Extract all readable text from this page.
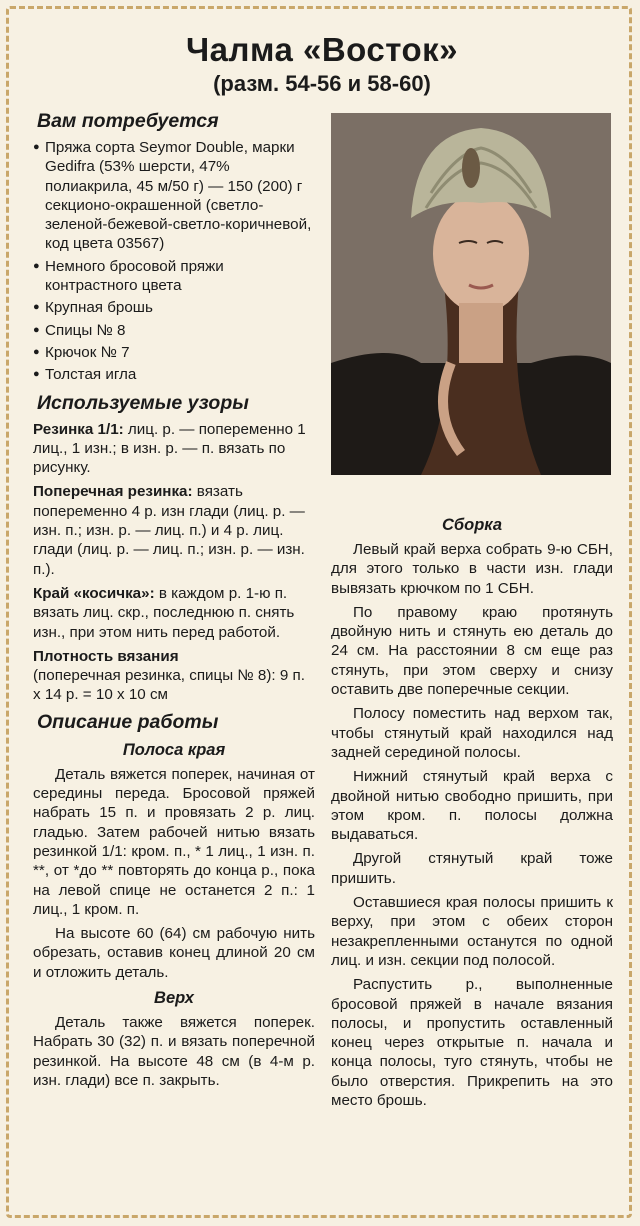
Чалма «Восток»
(разм. 54-56 и 58-60)
Вам потребуется
● Пряжа сорта Seymor Double, марки Gedifra (53% шерсти, 47% полиакрила, 45 м/50 г) — 150 (200) г секционо-окрашенной (светло-зеленой-бежевой-светло-коричневой, код цвета 03567)
● Немного бросовой пряжи контрастного цвета
● Крупная брошь
● Спицы № 8
● Крючок № 7
● Толстая игла
Используемые узоры

Резинка 1/1: лиц. р. — попеременно 1 лиц., 1 изн.; в изн. р. — п. вязать по рисунку.

Поперечная резинка: вязать попеременно 4 р. изн глади (лиц. р. — изн. п.; изн. р. — лиц. п.) и 4 р. лиц. глади (лиц. р. — лиц. п.; изн. р. — изн. п.).

Край «косичка»: в каждом р. 1-ю п. вязать лиц. скр., последнюю п. снять изн., при этом нить перед работой.

Плотность вязания
(поперечная резинка, спицы № 8): 9 п. х 14 р. = 10 х 10 см

Описание работы
Полоса края

Деталь вяжется поперек, начиная от середины переда. Бросовой пряжей набрать 15 п. и провязать 2 р. лиц. гладью. Затем рабочей нитью вязать резинкой 1/1: кром. п., * 1 лиц., 1 изн. п. **, от *до ** повторять до конца р., пока на левой спице не останется 2 п.: 1 лиц., 1 кром. п.

На высоте 60 (64) см рабочую нить обрезать, оставив конец длиной 20 см и отложить деталь.

Верх

Деталь также вяжется поперек. Набрать 30 (32) п. и вязать поперечной резинкой. На высоте 48 см (в 4-м р. изн. глади) все п. закрыть.

Сборка

Левый край верха собрать 9-ю СБН, для этого только в части изн. глади вывязать крючком по 1 СБН.

По правому краю протянуть двойную нить и стянуть ею деталь до 24 см. На расстоянии 8 см еще раз стянуть, при этом сверху и снизу оставить две поперечные секции.

Полосу поместить над верхом так, чтобы стянутый край находился над задней серединой полосы.

Нижний стянутый край верха с двойной нитью свободно пришить, при этом кром. п. полосы должна выдаваться.

Другой стянутый край тоже пришить.

Оставшиеся края полосы пришить к верху, при этом с обеих сторон незакрепленными останутся по одной лиц. и изн. секции под полосой.

Распустить р., выполненные бросовой пряжей в начале вязания полосы, и пропустить оставленный конец через открытые п. начала и конца полосы, туго стянуть, чтобы не было отверстия. Прикрепить на это место брошь.
